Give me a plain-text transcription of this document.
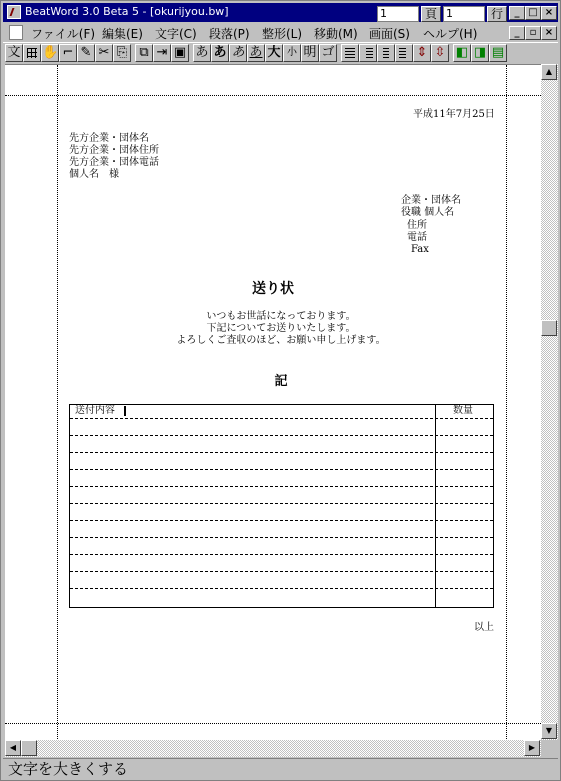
BeatWord 3.0 Beta 5 - [okurijyou.bw]	1	頁 1	行	_ □ ×
ファイル(F) 編集(E) 文字(C) 段落(P) 整形(L) 移動(M) 画面(S) ヘルプ(H)	_	▫ ×
文 ✋ ⌐ ✎ ✂ ⎘ ⧉ ⇥ ▣ あ あ あ あ 大 小 明 ゴ	⇕ ⇳ ◧ ◨ ▤
平成11年7月25日
先方企業・団体名
先方企業・団体住所
先方企業・団体電話
個人名　様
企業・団体名
役職 個人名
住所
電話
Fax
送り状
いつもお世話になっております。
下記についてお送りいたします。
よろしくご査収のほど、お願い申し上げます。
記
送付内容	数量
以上
▲
▼
◀	▶
文字を大きくする
